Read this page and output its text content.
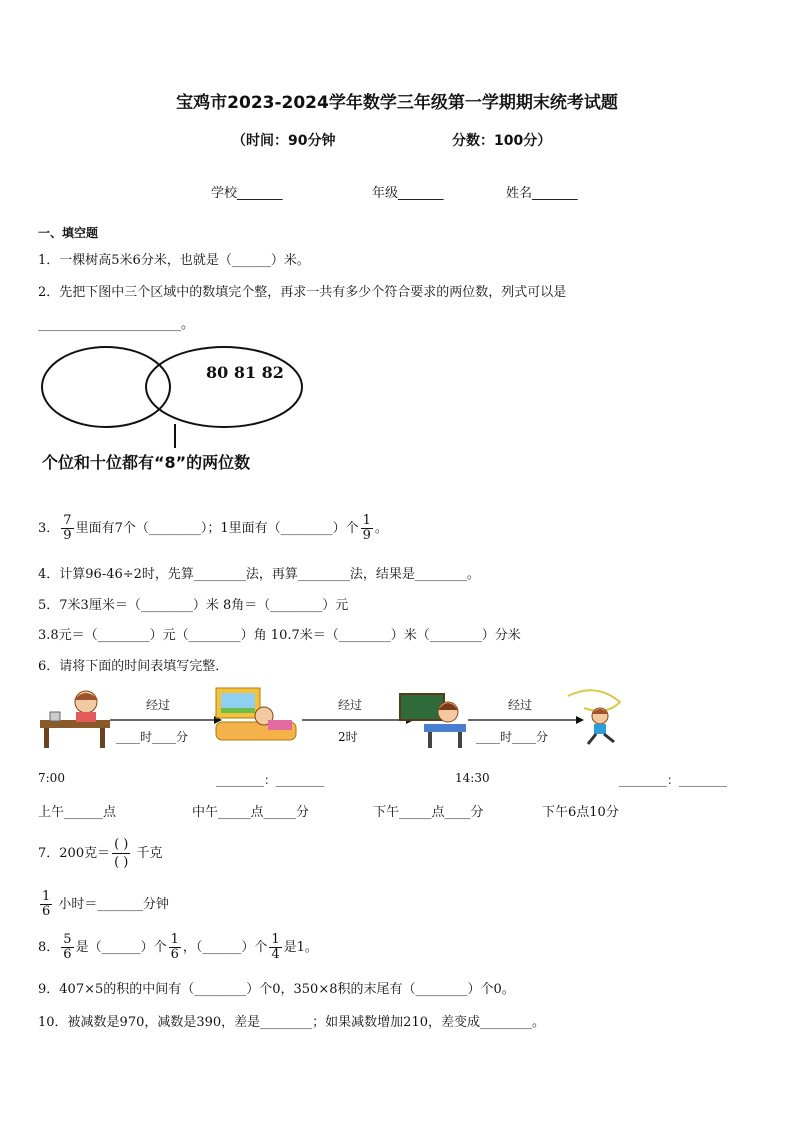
宝鸡市2023-2024学年数学三年级第一学期期末统考试题
（时间：90分钟	分数：100分）
学校_______	年级_______	姓名_______
一、填空题
1．一棵树高5米6分米，也就是（______）米。
2．先把下图中三个区域中的数填完个整，再求一共有多少个符合要求的两位数，列式可以是
______________________。
80 81 82
个位和十位都有“8”的两位数
3． $\frac{7}{9}$ 里面有7个（________）；1里面有（________）个 $\frac{1}{9}$ 。
4．计算96-46÷2时，先算________法，再算________法，结果是________。
5．7米3厘米＝（________）米 8角＝（________）元
3.8元＝（________）元（________）角 10.7米＝（________）米（________）分米
6．请将下面的时间表填写完整．
经过	经过	经过
____时____分	2时	____时____分
7:00	________：________	14:30	________：________
上午______点	中午_____点_____分	下午_____点____分	下午6点10分
7．200克＝ $\frac{( )}{( )}$ 千克
$\frac{1}{6}$ 小时＝_______分钟
8． $\frac{5}{6}$ 是（______）个 $\frac{1}{6}$ ，（______）个 $\frac{1}{4}$ 是1。
9．407×5的积的中间有（________）个0，350×8积的末尾有（________）个0。
10．被减数是970，减数是390，差是________；如果减数增加210，差变成________。
